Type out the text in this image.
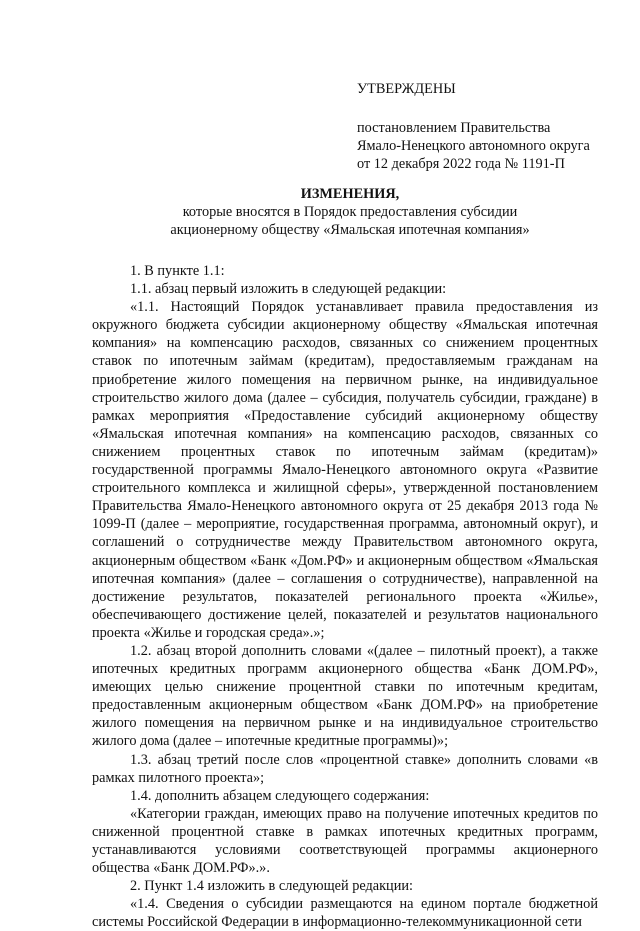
УТВЕРЖДЕНЫ
постановлением Правительства
Ямало-Ненецкого автономного округа
от 12 декабря 2022 года № 1191-П
ИЗМЕНЕНИЯ,
которые вносятся в Порядок предоставления субсидии
акционерному обществу «Ямальская ипотечная компания»

1. В пункте 1.1:

1.1. абзац первый изложить в следующей редакции:

«1.1. Настоящий Порядок устанавливает правила предоставления из окружного бюджета субсидии акционерному обществу «Ямальская ипотечная компания» на компенсацию расходов, связанных со снижением процентных ставок по ипотечным займам (кредитам), предоставляемым гражданам на приобретение жилого помещения на первичном рынке, на индивидуальное строительство жилого дома (далее – субсидия, получатель субсидии, граждане) в рамках мероприятия «Предоставление субсидий акционерному обществу «Ямальская ипотечная компания» на компенсацию расходов, связанных со снижением процентных ставок по ипотечным займам (кредитам)» государственной программы Ямало-Ненецкого автономного округа «Развитие строительного комплекса и жилищной сферы», утвержденной постановлением Правительства Ямало-Ненецкого автономного округа от 25 декабря 2013 года № 1099-П (далее – мероприятие, государственная программа, автономный округ), и соглашений о сотрудничестве между Правительством автономного округа, акционерным обществом «Банк «Дом.РФ» и акционерным обществом «Ямальская ипотечная компания» (далее – соглашения о сотрудничестве), направленной на достижение результатов, показателей регионального проекта «Жилье», обеспечивающего достижение целей, показателей и результатов национального проекта «Жилье и городская среда».»;

1.2. абзац второй дополнить словами «(далее – пилотный проект), а также ипотечных кредитных программ акционерного общества «Банк ДОМ.РФ», имеющих целью снижение процентной ставки по ипотечным кредитам, предоставленным акционерным обществом «Банк ДОМ.РФ» на приобретение жилого помещения на первичном рынке и на индивидуальное строительство жилого дома (далее – ипотечные кредитные программы)»;

1.3. абзац третий после слов «процентной ставке» дополнить словами «в рамках пилотного проекта»;

1.4. дополнить абзацем следующего содержания:

«Категории граждан, имеющих право на получение ипотечных кредитов по сниженной процентной ставке в рамках ипотечных кредитных программ, устанавливаются условиями соответствующей программы акционерного общества «Банк ДОМ.РФ».».

2. Пункт 1.4 изложить в следующей редакции:

«1.4. Сведения о субсидии размещаются на едином портале бюджетной системы Российской Федерации в информационно-телекоммуникационной сети
